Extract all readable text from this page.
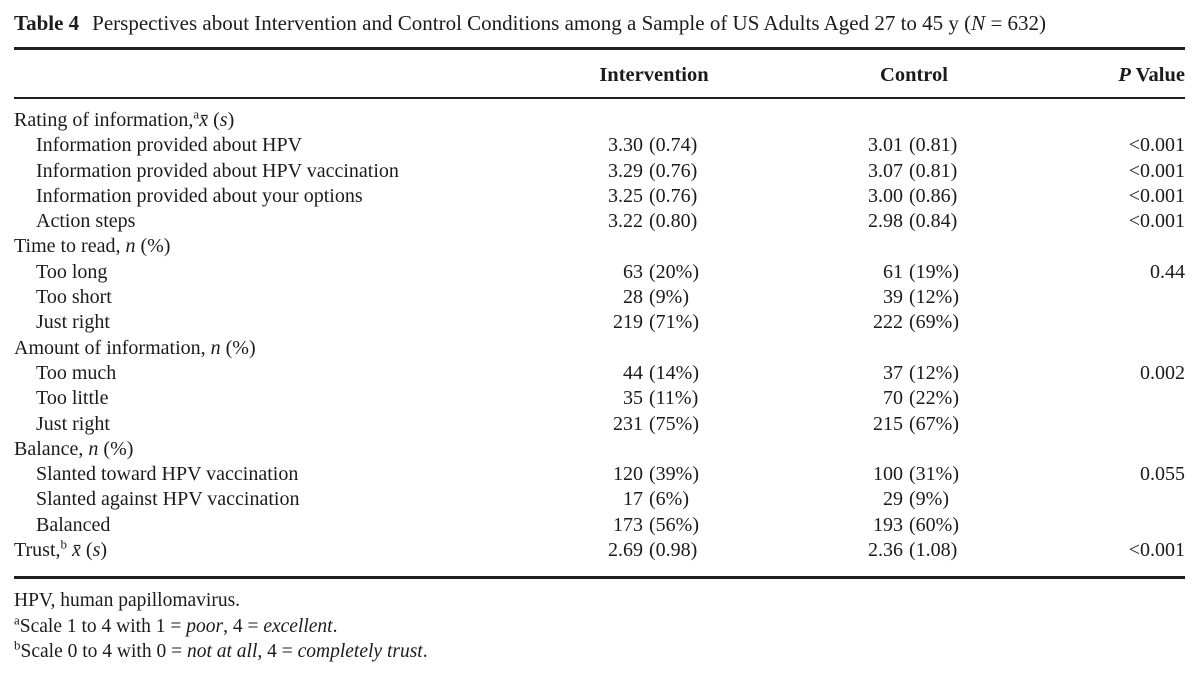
Table 4 Perspectives about Intervention and Control Conditions among a Sample of US Adults Aged 27 to 45 y (N = 632)
	Intervention	Control	P Value
Rating of information,$^a$x̄ (s)			
Information provided about HPV	3.30 (0.74)	3.01 (0.81)	<0.001
Information provided about HPV vaccination	3.29 (0.76)	3.07 (0.81)	<0.001
Information provided about your options	3.25 (0.76)	3.00 (0.86)	<0.001
Action steps	3.22 (0.80)	2.98 (0.84)	<0.001
Time to read, n (%)			
Too long	63 (20%)	61 (19%)	0.44
Too short	28 (9%)	39 (12%)	

Just right	219 (71%)	222 (69%)	

Amount of information, n (%)			
Too much	44 (14%)	37 (12%)	0.002
Too little	35 (11%)	70 (22%)	

Just right	231 (75%)	215 (67%)	

Balance, n (%)			
Slanted toward HPV vaccination	120 (39%)	100 (31%)	0.055
Slanted against HPV vaccination	17 (6%)	29 (9%)	

Balanced	173 (56%)	193 (60%)	

Trust,$^b$ x̄ (s)	2.69 (0.98)	2.36 (1.08)	<0.001
HPV, human papillomavirus.
$^a$Scale 1 to 4 with 1 = poor, 4 = excellent.
$^b$Scale 0 to 4 with 0 = not at all, 4 = completely trust.
